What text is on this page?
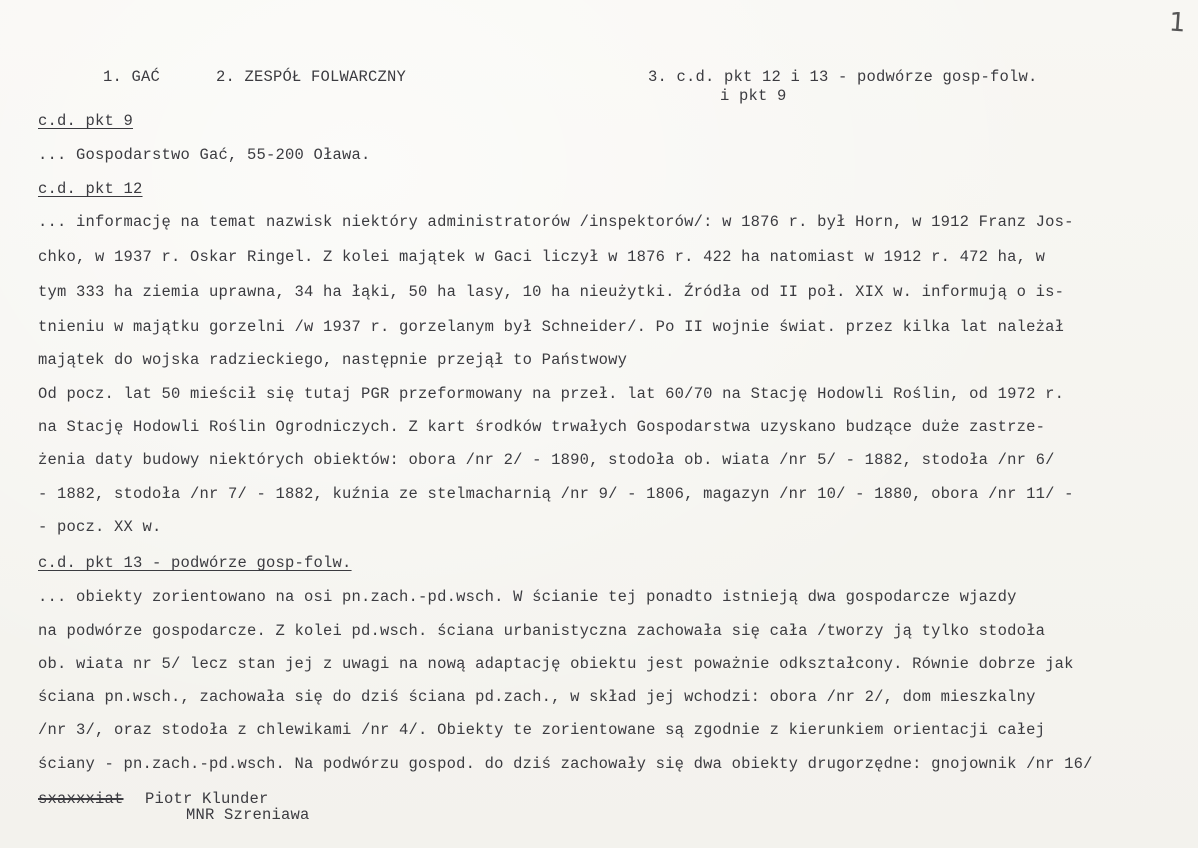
1
1. GAĆ	2. ZESPÓŁ FOLWARCZNY	3. c.d. pkt 12 i 13 - podwórze gosp-folw.
i pkt 9
c.d. pkt 9
... Gospodarstwo Gać, 55-200 Oława.
c.d. pkt 12
... informację na temat nazwisk niektóry administratorów /inspektorów/: w 1876 r. był Horn, w 1912 Franz Jos-
chko, w 1937 r. Oskar Ringel. Z kolei majątek w Gaci liczył w 1876 r. 422 ha natomiast w 1912 r. 472 ha, w
tym 333 ha ziemia uprawna, 34 ha łąki, 50 ha lasy, 10 ha nieużytki. Źródła od II poł. XIX w. informują o is-
tnieniu w majątku gorzelni /w 1937 r. gorzelanym był Schneider/. Po II wojnie świat. przez kilka lat należał
majątek do wojska radzieckiego, następnie przejął to Państwowy
Od pocz. lat 50 mieścił się tutaj PGR przeformowany na przeł. lat 60/70 na Stację Hodowli Roślin, od 1972 r.
na Stację Hodowli Roślin Ogrodniczych. Z kart środków trwałych Gospodarstwa uzyskano budzące duże zastrze-
żenia daty budowy niektórych obiektów: obora /nr 2/ - 1890, stodoła ob. wiata /nr 5/ - 1882, stodoła /nr 6/
- 1882, stodoła /nr 7/ - 1882, kuźnia ze stelmacharnią /nr 9/ - 1806, magazyn /nr 10/ - 1880, obora /nr 11/ -
- pocz. XX w.
c.d. pkt 13 - podwórze gosp-folw.
... obiekty zorientowano na osi pn.zach.-pd.wsch. W ścianie tej ponadto istnieją dwa gospodarcze wjazdy
na podwórze gospodarcze. Z kolei pd.wsch. ściana urbanistyczna zachowała się cała /tworzy ją tylko stodoła
ob. wiata nr 5/ lecz stan jej z uwagi na nową adaptację obiektu jest poważnie odkształcony. Równie dobrze jak
ściana pn.wsch., zachowała się do dziś ściana pd.zach., w skład jej wchodzi: obora /nr 2/, dom mieszkalny
/nr 3/, oraz stodoła z chlewikami /nr 4/. Obiekty te zorientowane są zgodnie z kierunkiem orientacji całej
ściany - pn.zach.-pd.wsch. Na podwórzu gospod. do dziś zachowały się dwa obiekty drugorzędne: gnojownik /nr 16/
sxaxxxiat Piotr Klunder
MNR Szreniawa
